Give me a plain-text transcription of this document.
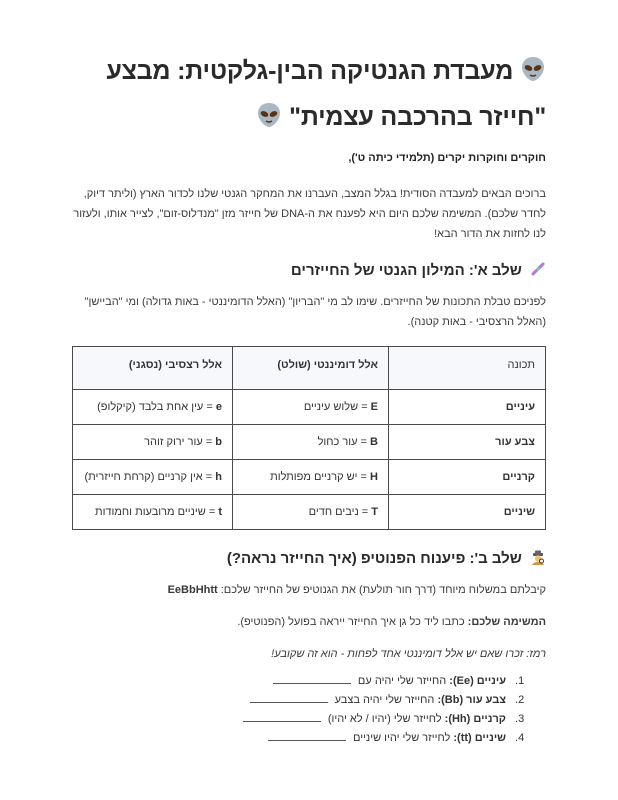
מעבדת הגנטיקה הבין-גלקטית: מבצע "חייזר בהרכבה עצמית"
חוקרים וחוקרות יקרים (תלמידי כיתה ט'),

ברוכים הבאים למעבדה הסודית! בגלל המצב, העברנו את המחקר הגנטי שלנו לכדור הארץ (וליתר דיוק, לחדר שלכם). המשימה שלכם היום היא לפענח את ה-DNA של חייזר מזן "מנדלוס-זום", לצייר אותו, ולעזור לנו לחזות את הדור הבא!

שלב א': המילון הגנטי של החייזרים

לפניכם טבלת התכונות של החייזרים. שימו לב מי "הבריון" (האלל הדומיננטי - באות גדולה) ומי "הביישן" (האלל הרצסיבי - באות קטנה).

תכונה	אלל דומיננטי (שולט)	אלל רצסיבי (נסגני)
עיניים	E = שלוש עיניים	e = עין אחת בלבד (קיקלופ)
צבע עור	B = עור כחול	b = עור ירוק זוהר
קרניים	H = יש קרניים מפותלות	h = אין קרניים (קרחת חייזרית)
שיניים	T = ניבים חדים	t = שיניים מרובעות וחמודות
שלב ב': פיענוח הפנוטיפ (איך החייזר נראה?)

קיבלתם במשלוח מיוחד (דרך חור תולעת) את הגנוטיפ של החייזר שלכם: EeBbHhtt

המשימה שלכם: כתבו ליד כל גן איך החייזר ייראה בפועל (הפנוטיפ).

רמז: זכרו שאם יש אלל דומיננטי אחד לפחות - הוא זה שקובע!

1. עיניים (Ee): החייזר שלי יהיה עם
2. צבע עור (Bb): החייזר שלי יהיה בצבע
3. קרניים (Hh): לחייזר שלי (יהיו / לא יהיו)
4. שיניים (tt): לחייזר שלי יהיו שיניים
